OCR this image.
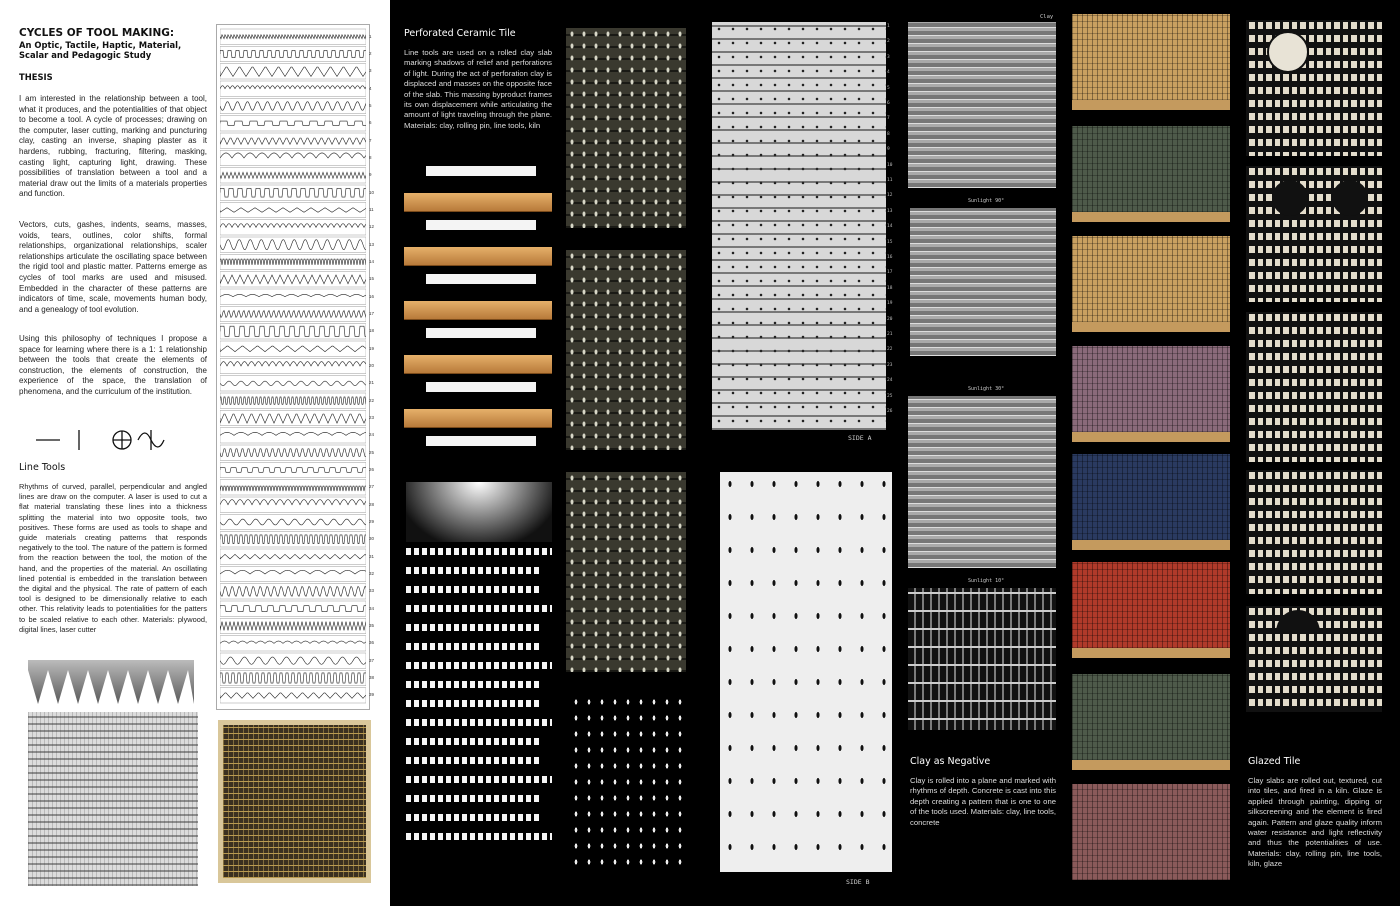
CYCLES OF TOOL MAKING:
An Optic, Tactile, Haptic, Material,
Scalar and Pedagogic Study
THESIS
I am interested in the relationship between a tool, what it produces, and the potentialities of that object to become a tool. A cycle of processes; drawing on the computer, laser cutting, marking and puncturing clay, casting an inverse, shaping plaster as it hardens, rubbing, fracturing, filtering, masking, casting light, capturing light, drawing. These possibilities of translation between a tool and a material draw out the limits of a materials properties and function.
Vectors, cuts, gashes, indents, seams, masses, voids, tears, outlines, color shifts, formal relationships, organizational relationships, scaler relationships articulate the oscillating space between the rigid tool and plastic matter. Patterns emerge as cycles of tool marks are used and misused. Embedded in the character of these patterns are indicators of time, scale, movements human body, and a genealogy of tool evolution.
Using this philosophy of techniques I propose a space for learning where there is a 1: 1 relationship between the tools that create the elements of construction, the elements of construction, the experience of the space, the translation of phenomena, and the curriculum of the institution.
Line Tools
Rhythms of curved, parallel, perpendicular and angled lines are draw on the computer. A laser is used to cut a flat material translating these lines into a thickness splitting the material into two opposite tools, two positives. These forms are used as tools to shape and guide materials creating patterns that responds negatively to the tool. The nature of the pattern is formed from the reaction between the tool, the motion of the hand, and the properties of the material. An oscillating lined potential is embedded in the translation between the digital and the physical. The rate of pattern of each tool is designed to be dimensionally relative to each other. This relativity leads to potentialities for the patters to be scaled relative to each other. Materials: plywood, digital lines, laser cutter
1
2
3
4
5
6
7
8
9
10
11
12
13
14
15
16
17
18
19
20
21
22
23
24
25
26
27
28
29
30
31
32
33
34
35
36
37
38
39
Perforated Ceramic Tile
Line tools are used on a rolled clay slab marking shadows of relief and perforations of light. During the act of perforation clay is displaced and masses on the opposite face of the slab. This massing byproduct frames its own displacement while articulating the amount of light traveling through the plane. Materials: clay, rolling pin, line tools, kiln
1
2
3
4
5
6
7
8
9
10
11
12
13
14
15
16
17
18
19
20
21
22
23
24
25
26
SIDE A
SIDE B
Clay
Sunlight 90°
Sunlight 30°
Sunlight 10°
Clay as Negative
Clay is rolled into a plane and marked with rhythms of depth. Concrete is cast into this depth creating a pattern that is one to one of the tools used. Materials: clay, line tools, concrete
Glazed Tile
Clay slabs are rolled out, textured, cut into tiles, and fired in a kiln. Glaze is applied through painting, dipping or silkscreening and the element is fired again. Pattern and glaze quality inform water resistance and light reflectivity and thus the potentialities of use. Materials: clay, rolling pin, line tools, kiln, glaze
